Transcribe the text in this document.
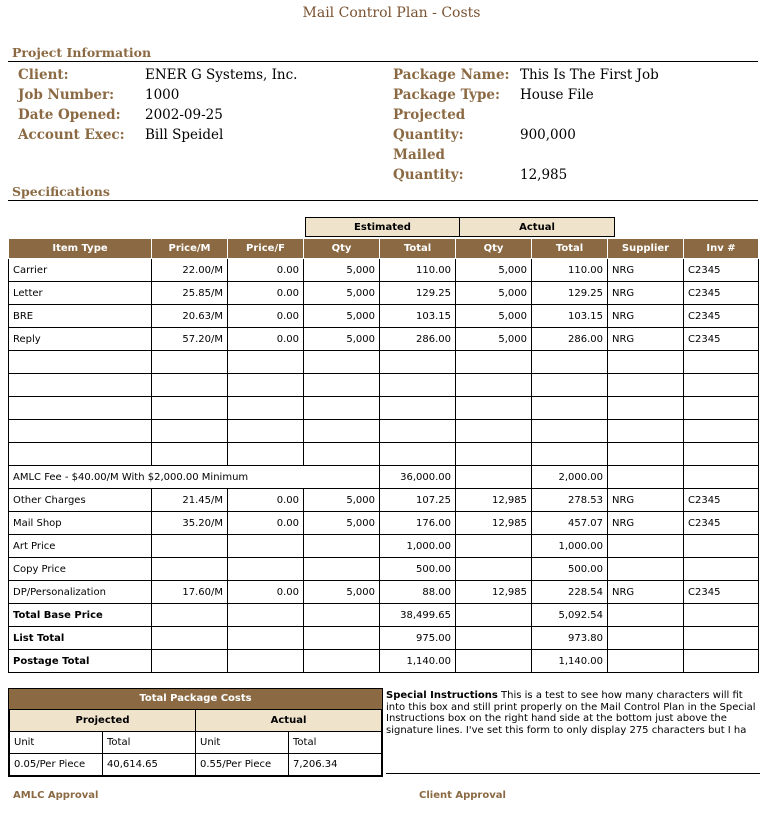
Mail Control Plan - Costs
Project Information
Client:	ENER G Systems, Inc.
Job Number: 1000
Date Opened: 2002-09-25
Account Exec: Bill Speidel
Package Name: This Is The First Job
Package Type: House File
Projected
Quantity:	900,000
Mailed Quantity:	12,985
Specifications
Estimated	Actual
Item Type	Price/M	Price/F	Qty	Total	Qty	Total	Supplier	Inv #
Carrier	22.00/M	0.00	5,000	110.00	5,000	110.00	NRG	C2345
Letter	25.85/M	0.00	5,000	129.25	5,000	129.25	NRG	C2345
BRE	20.63/M	0.00	5,000	103.15	5,000	103.15	NRG	C2345
Reply	57.20/M	0.00	5,000	286.00	5,000	286.00	NRG	C2345

AMLC Fee - $40.00/M With $2,000.00 Minimum				36,000.00		2,000.00		
Other Charges	21.45/M	0.00	5,000	107.25	12,985	278.53	NRG	C2345
Mail Shop	35.20/M	0.00	5,000	176.00	12,985	457.07	NRG	C2345
Art Price				1,000.00		1,000.00		
Copy Price				500.00		500.00		
DP/Personalization	17.60/M	0.00	5,000	88.00	12,985	228.54	NRG	C2345
Total Base Price				38,499.65		5,092.54		
List Total				975.00		973.80		
Postage Total				1,140.00		1,140.00		
Total Package Costs
Projected		Actual	
Unit	Total	Unit	Total
0.05/Per Piece	40,614.65	0.55/Per Piece	7,206.34
Special Instructions This is a test to see how many characters will fit into this box and still print properly on the Mail Control Plan in the Special Instructions box on the right hand side at the bottom just above the signature lines. I've set this form to only display 275 characters but I ha
AMLC Approval	Client Approval
